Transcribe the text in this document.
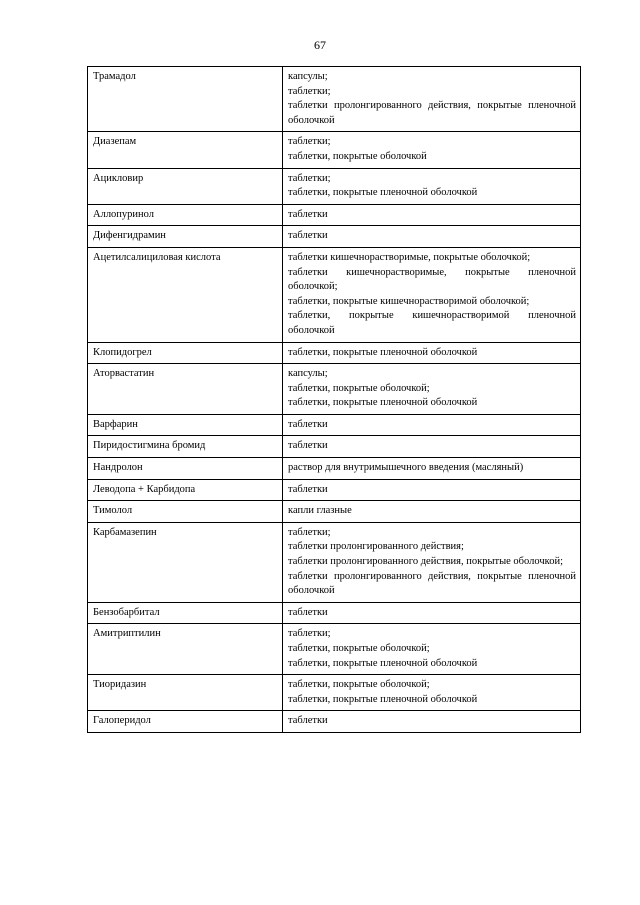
67
Трамадол	капсулы;
таблетки;
таблетки пролонгированного действия, покрытые пленочной оболочкой

Диазепам	таблетки;
таблетки, покрытые оболочкой

Ацикловир	таблетки;
таблетки, покрытые пленочной оболочкой

Аллопуринол	таблетки

Дифенгидрамин	таблетки

Ацетилсалициловая кислота	таблетки кишечнорастворимые, покрытые оболочкой;
таблетки кишечнорастворимые, покрытые пленочной оболочкой;
таблетки, покрытые кишечнорастворимой оболочкой;
таблетки, покрытые кишечнорастворимой пленочной оболочкой

Клопидогрел	таблетки, покрытые пленочной оболочкой

Аторвастатин	капсулы;
таблетки, покрытые оболочкой;
таблетки, покрытые пленочной оболочкой

Варфарин	таблетки

Пиридостигмина бромид	таблетки

Нандролон	раствор для внутримышечного введения (масляный)

Леводопа + Карбидопа	таблетки

Тимолол	капли глазные

Карбамазепин	таблетки;
таблетки пролонгированного действия;
таблетки пролонгированного действия, покрытые оболочкой;
таблетки пролонгированного действия, покрытые пленочной оболочкой

Бензобарбитал	таблетки

Амитриптилин	таблетки;
таблетки, покрытые оболочкой;
таблетки, покрытые пленочной оболочкой

Тиоридазин	таблетки, покрытые оболочкой;
таблетки, покрытые пленочной оболочкой

Галоперидол	таблетки
